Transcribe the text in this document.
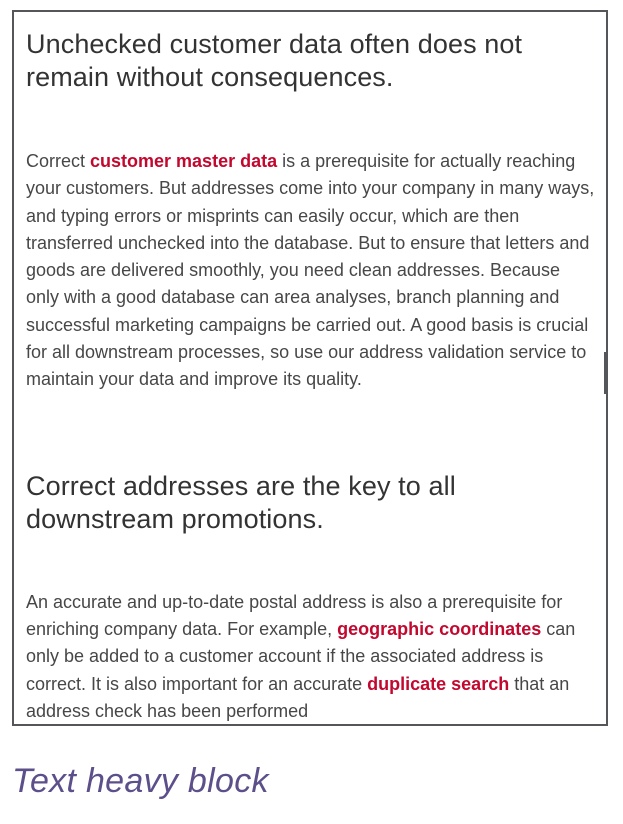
Unchecked customer data often does not remain without consequences.

Correct customer master data is a prerequisite for actually reaching your customers. But addresses come into your company in many ways, and typing errors or misprints can easily occur, which are then transferred unchecked into the database. But to ensure that letters and goods are delivered smoothly, you need clean addresses. Because only with a good database can area analyses, branch planning and successful marketing campaigns be carried out. A good basis is crucial for all downstream processes, so use our address validation service to maintain your data and improve its quality.

Correct addresses are the key to all downstream promotions.

An accurate and up-to-date postal address is also a prerequisite for enriching company data. For example, geographic coordinates can only be added to a customer account if the associated address is correct. It is also important for an accurate duplicate search that an address check has been performed

Text heavy block
